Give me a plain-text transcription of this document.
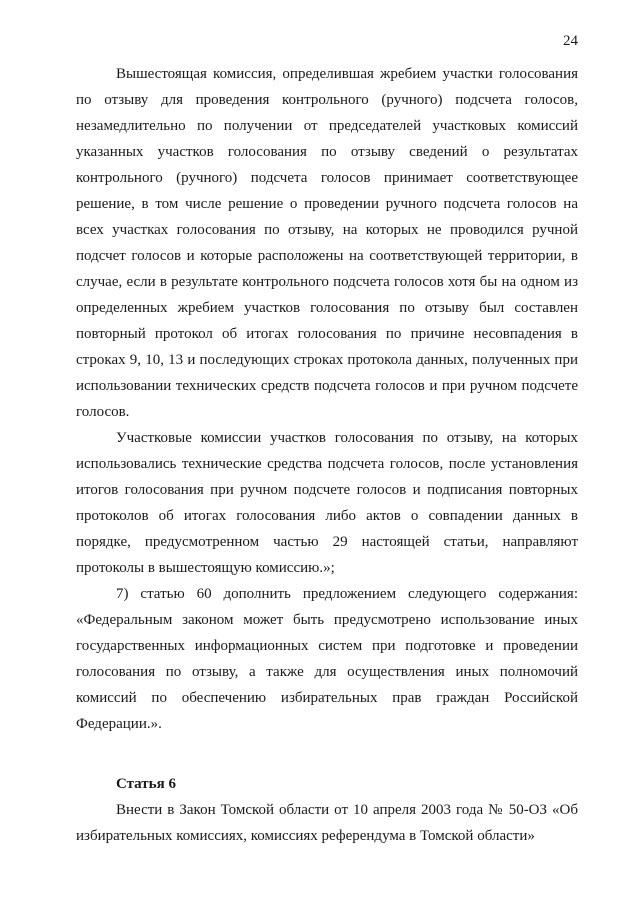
24

Вышестоящая комиссия, определившая жребием участки голосования по отзыву для проведения контрольного (ручного) подсчета голосов, незамедлительно по получении от председателей участковых комиссий указанных участков голосования по отзыву сведений о результатах контрольного (ручного) подсчета голосов принимает соответствующее решение, в том числе решение о проведении ручного подсчета голосов на всех участках голосования по отзыву, на которых не проводился ручной подсчет голосов и которые расположены на соответствующей территории, в случае, если в результате контрольного подсчета голосов хотя бы на одном из определенных жребием участков голосования по отзыву был составлен повторный протокол об итогах голосования по причине несовпадения в строках 9, 10, 13 и последующих строках протокола данных, полученных при использовании технических средств подсчета голосов и при ручном подсчете голосов.

Участковые комиссии участков голосования по отзыву, на которых использовались технические средства подсчета голосов, после установления итогов голосования при ручном подсчете голосов и подписания повторных протоколов об итогах голосования либо актов о совпадении данных в порядке, предусмотренном частью 29 настоящей статьи, направляют протоколы в вышестоящую комиссию.»;

7) статью 60 дополнить предложением следующего содержания: «Федеральным законом может быть предусмотрено использование иных государственных информационных систем при подготовке и проведении голосования по отзыву, а также для осуществления иных полномочий комиссий по обеспечению избирательных прав граждан Российской Федерации.».

Статья 6

Внести в Закон Томской области от 10 апреля 2003 года № 50-ОЗ «Об избирательных комиссиях, комиссиях референдума в Томской области»
